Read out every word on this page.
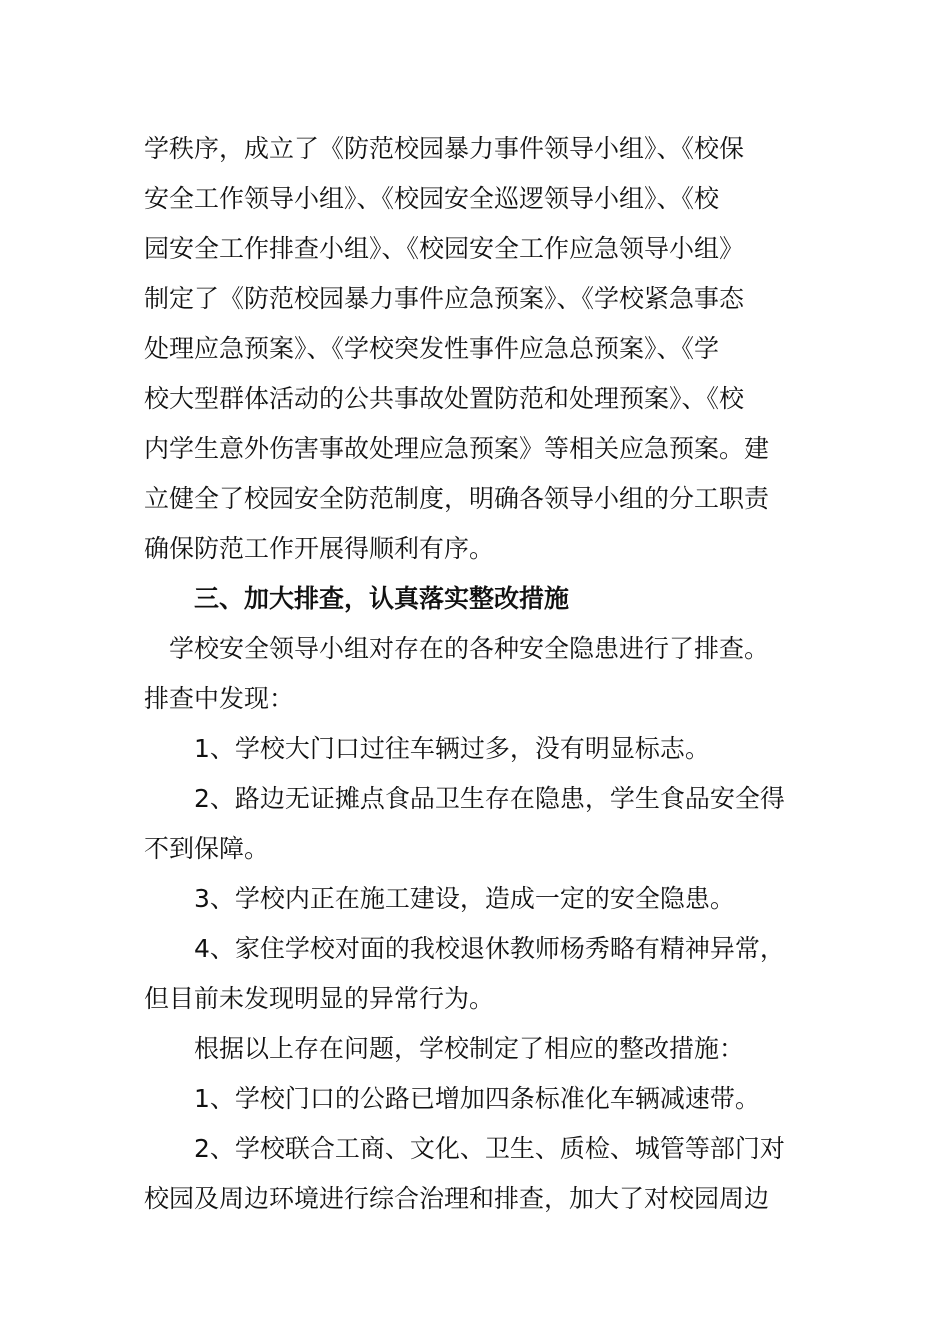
学秩序，成立了《防范校园暴力事件领导小组》、《校保
安全工作领导小组》、《校园安全巡逻领导小组》、《校
园安全工作排查小组》、《校园安全工作应急领导小组》
制定了《防范校园暴力事件应急预案》、《学校紧急事态
处理应急预案》、《学校突发性事件应急总预案》、《学
校大型群体活动的公共事故处置防范和处理预案》、《校
内学生意外伤害事故处理应急预案》等相关应急预案。建
立健全了校园安全防范制度，明确各领导小组的分工职责
确保防范工作开展得顺利有序。
三、加大排查，认真落实整改措施
学校安全领导小组对存在的各种安全隐患进行了排查。
排查中发现：
1、学校大门口过往车辆过多，没有明显标志。
2、路边无证摊点食品卫生存在隐患，学生食品安全得
不到保障。
3、学校内正在施工建设，造成一定的安全隐患。
4、家住学校对面的我校退休教师杨秀略有精神异常，
但目前未发现明显的异常行为。
根据以上存在问题，学校制定了相应的整改措施：
1、学校门口的公路已增加四条标准化车辆减速带。
2、学校联合工商、文化、卫生、质检、城管等部门对
校园及周边环境进行综合治理和排查，加大了对校园周边
